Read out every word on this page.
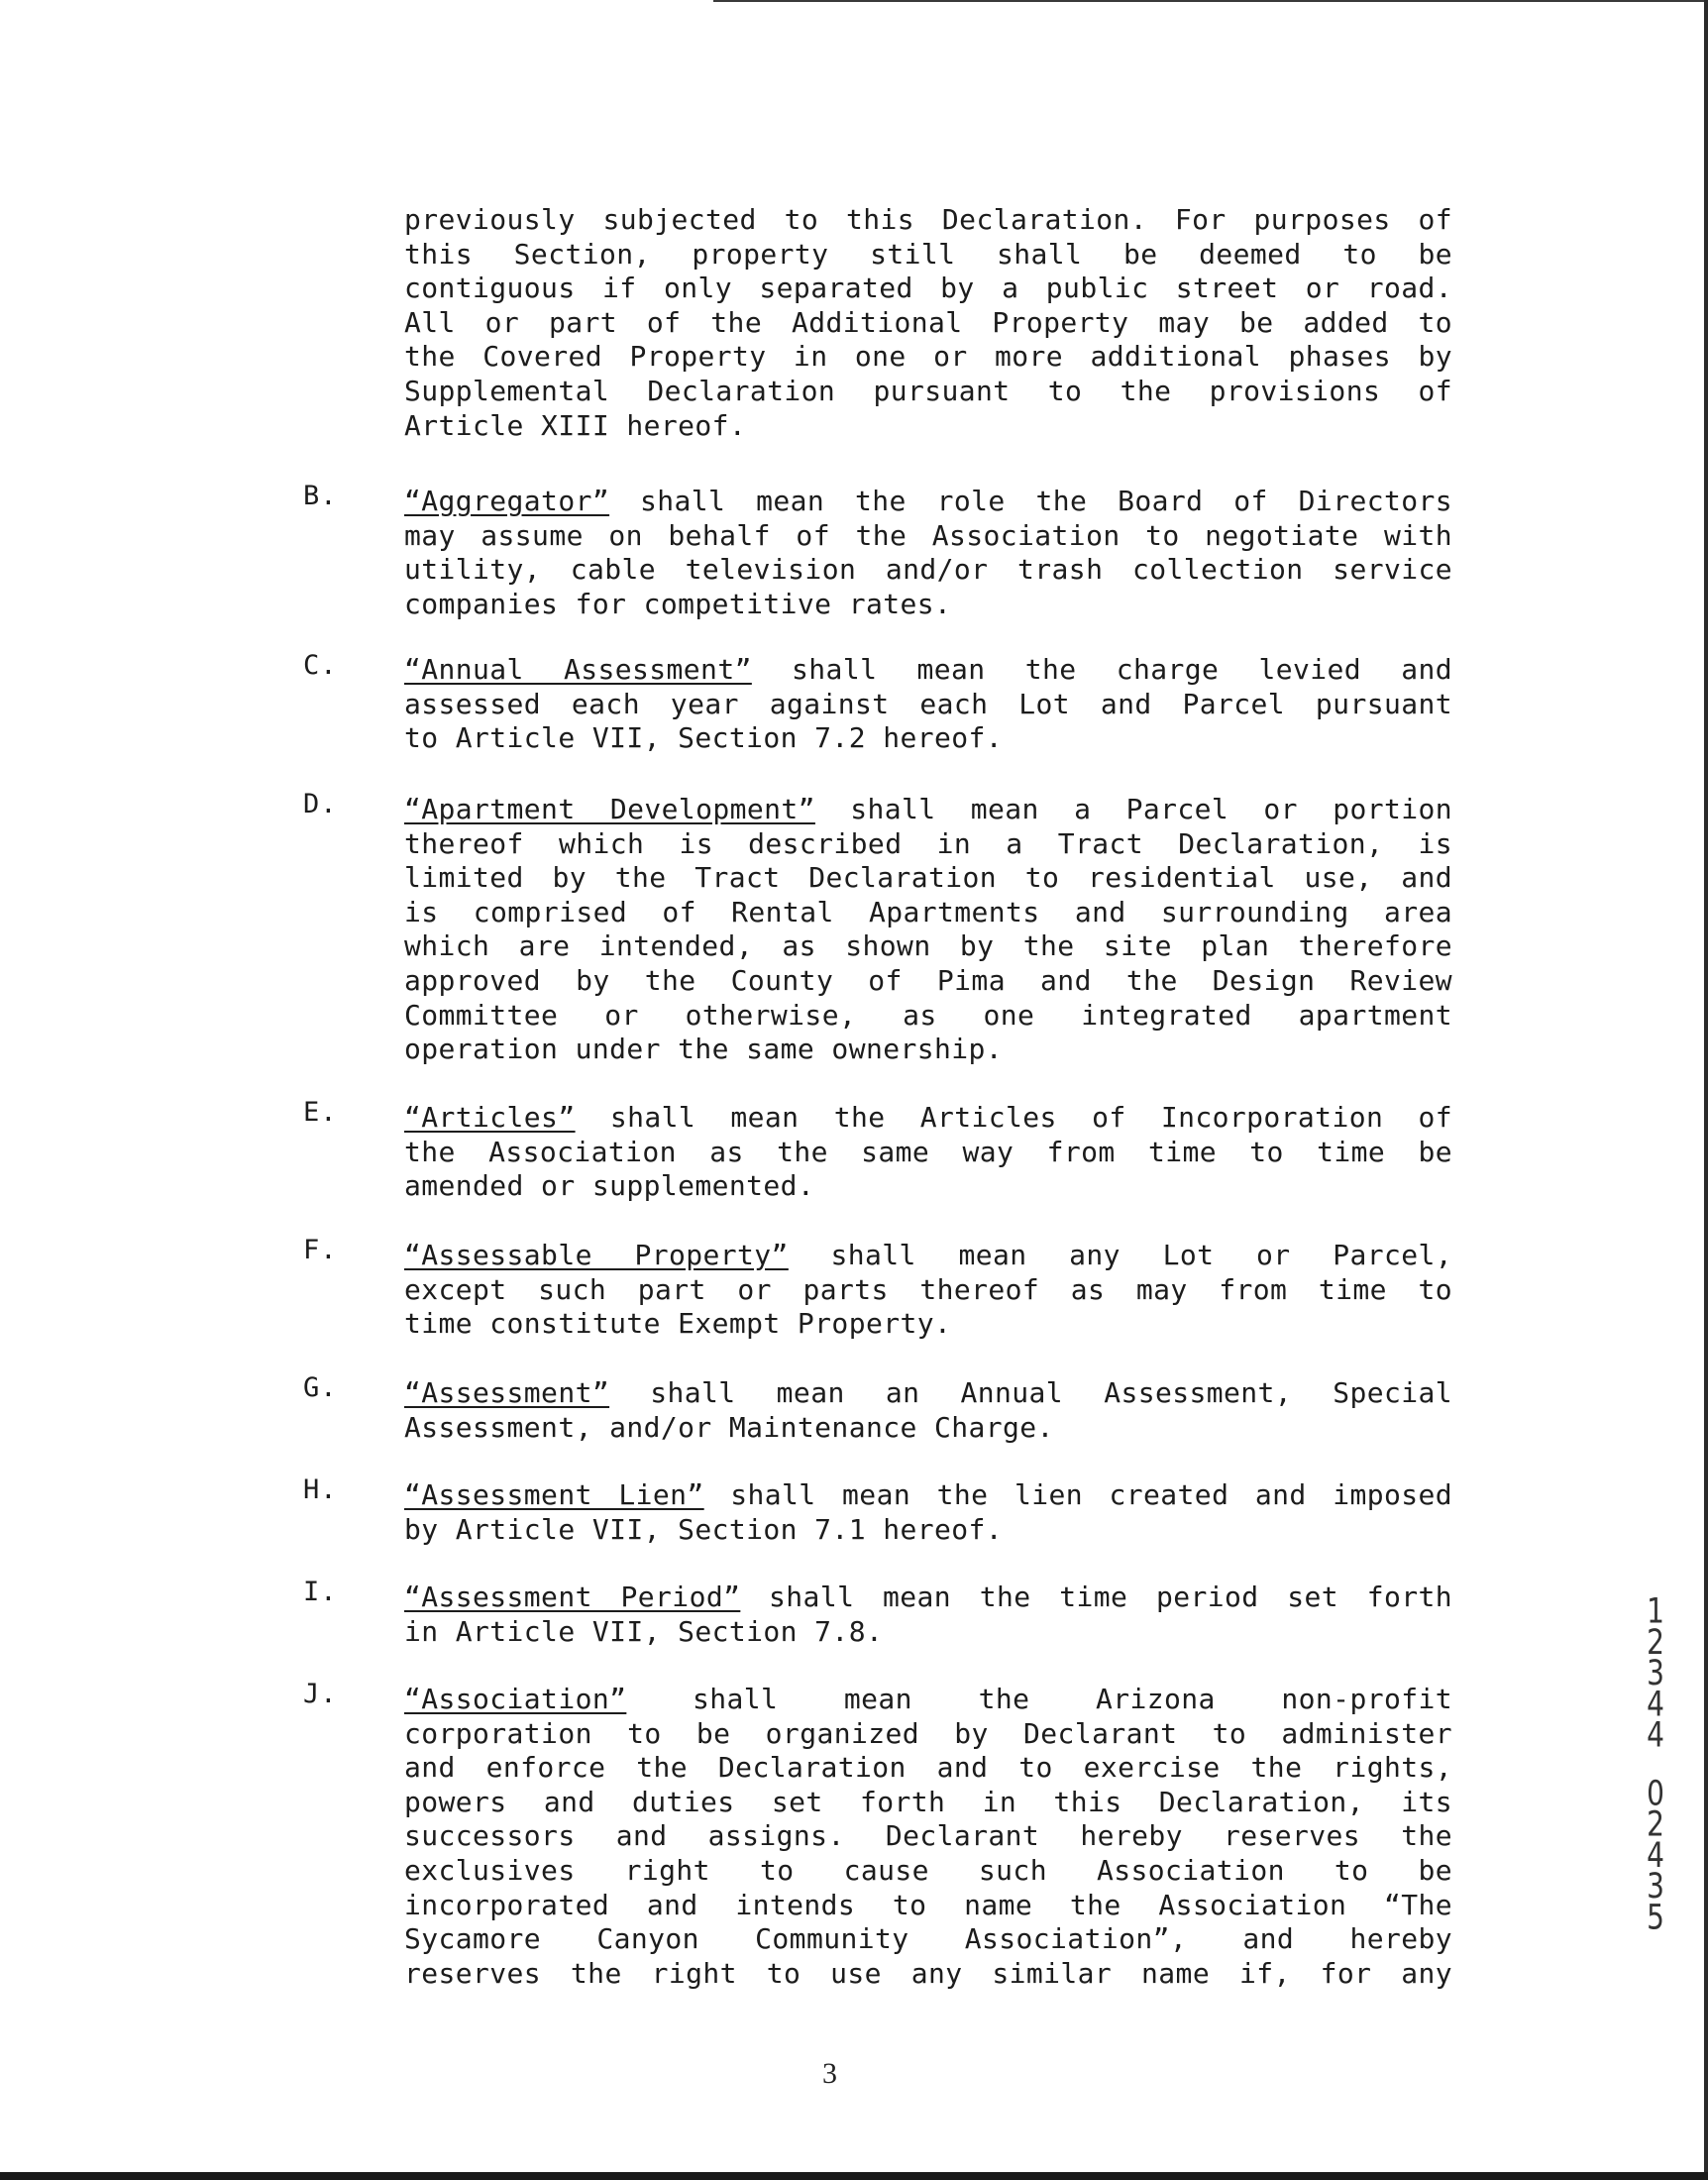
previously subjected to this Declaration. For purposes of
this Section, property still shall be deemed to be
contiguous if only separated by a public street or road.
All or part of the Additional Property may be added to
the Covered Property in one or more additional phases by
Supplemental Declaration pursuant to the provisions of
Article XIII hereof.
B. “Aggregator” shall mean the role the Board of Directors
may assume on behalf of the Association to negotiate with
utility, cable television and/or trash collection service
companies for competitive rates.
C. “Annual Assessment” shall mean the charge levied and
assessed each year against each Lot and Parcel pursuant
to Article VII, Section 7.2 hereof.
D. “Apartment Development” shall mean a Parcel or portion
thereof which is described in a Tract Declaration, is
limited by the Tract Declaration to residential use, and
is comprised of Rental Apartments and surrounding area
which are intended, as shown by the site plan therefore
approved by the County of Pima and the Design Review
Committee or otherwise, as one integrated apartment
operation under the same ownership.
E. “Articles” shall mean the Articles of Incorporation of
the Association as the same way from time to time be
amended or supplemented.
F. “Assessable Property” shall mean any Lot or Parcel,
except such part or parts thereof as may from time to
time constitute Exempt Property.
G. “Assessment” shall mean an Annual Assessment, Special
Assessment, and/or Maintenance Charge.
H. “Assessment Lien” shall mean the lien created and imposed
by Article VII, Section 7.1 hereof.
I. “Assessment Period” shall mean the time period set forth
in Article VII, Section 7.8.
J. “Association” shall mean the Arizona non-profit
corporation to be organized by Declarant to administer
and enforce the Declaration and to exercise the rights,
powers and duties set forth in this Declaration, its
successors and assigns. Declarant hereby reserves the
exclusives right to cause such Association to be
incorporated and intends to name the Association “The
Sycamore Canyon Community Association”, and hereby
reserves the right to use any similar name if, for any
1
2
3
4
4
0
2
4
3
5
3
